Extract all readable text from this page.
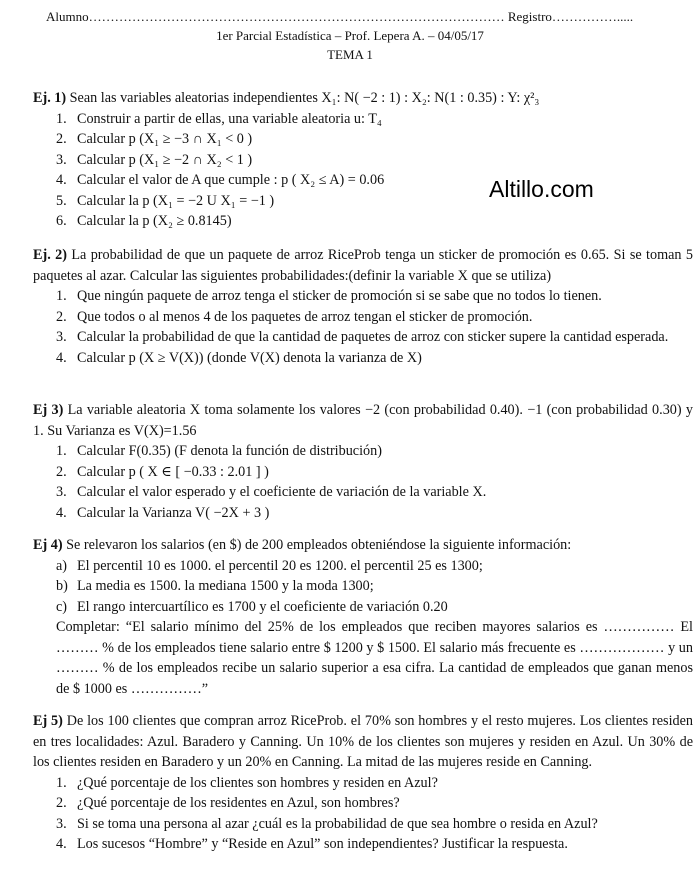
Alumno…………………………………………………………………………………… Registro…………….....
1er Parcial Estadística – Prof. Lepera A. – 04/05/17
TEMA 1
Altillo.com
Ej. 1) Sean las variables aleatorias independientes X₁: N( −2 : 1) : X₂: N(1 : 0.35) : Y: χ²₃
1. Construir a partir de ellas, una variable aleatoria u: T₄
2. Calcular p (X₁ ≥ −3 ∩ X₁ < 0 )
3. Calcular p (X₁ ≥ −2 ∩ X₂ < 1 )
4. Calcular el valor de A que cumple : p ( X₂ ≤ A) = 0.06
5. Calcular la p (X₁ = −2 U X₁ = −1 )
6. Calcular la p (X₂ ≥ 0.8145)
Ej. 2) La probabilidad de que un paquete de arroz RiceProb tenga un sticker de promoción es 0.65. Si se toman 5 paquetes al azar. Calcular las siguientes probabilidades:(definir la variable X que se utiliza)
1. Que ningún paquete de arroz tenga el sticker de promoción si se sabe que no todos lo tienen.
2. Que todos o al menos 4 de los paquetes de arroz tengan el sticker de promoción.
3. Calcular la probabilidad de que la cantidad de paquetes de arroz con sticker supere la cantidad esperada.
4. Calcular p (X ≥ V(X)) (donde V(X) denota la varianza de X)
Ej 3) La variable aleatoria X toma solamente los valores −2 (con probabilidad 0.40). −1 (con probabilidad 0.30) y 1. Su Varianza es V(X)=1.56
1. Calcular F(0.35) (F denota la función de distribución)
2. Calcular p ( X ∈ [ −0.33 : 2.01 ] )
3. Calcular el valor esperado y el coeficiente de variación de la variable X.
4. Calcular la Varianza V( −2X + 3 )
Ej 4) Se relevaron los salarios (en $) de 200 empleados obteniéndose la siguiente información:
a) El percentil 10 es 1000. el percentil 20 es 1200. el percentil 25 es 1300;
b) La media es 1500. la mediana 1500 y la moda 1300;
c) El rango intercuartílico es 1700 y el coeficiente de variación 0.20
Completar: “El salario mínimo del 25% de los empleados que reciben mayores salarios es …………… El ……… % de los empleados tiene salario entre $ 1200 y $ 1500. El salario más frecuente es ……………… y un ……… % de los empleados recibe un salario superior a esa cifra. La cantidad de empleados que ganan menos de $ 1000 es ……………”
Ej 5) De los 100 clientes que compran arroz RiceProb. el 70% son hombres y el resto mujeres. Los clientes residen en tres localidades: Azul. Baradero y Canning. Un 10% de los clientes son mujeres y residen en Azul. Un 30% de los clientes residen en Baradero y un 20% en Canning. La mitad de las mujeres reside en Canning.
1. ¿Qué porcentaje de los clientes son hombres y residen en Azul?
2. ¿Qué porcentaje de los residentes en Azul, son hombres?
3. Si se toma una persona al azar ¿cuál es la probabilidad de que sea hombre o resida en Azul?
4. Los sucesos “Hombre” y “Reside en Azul” son independientes? Justificar la respuesta.
